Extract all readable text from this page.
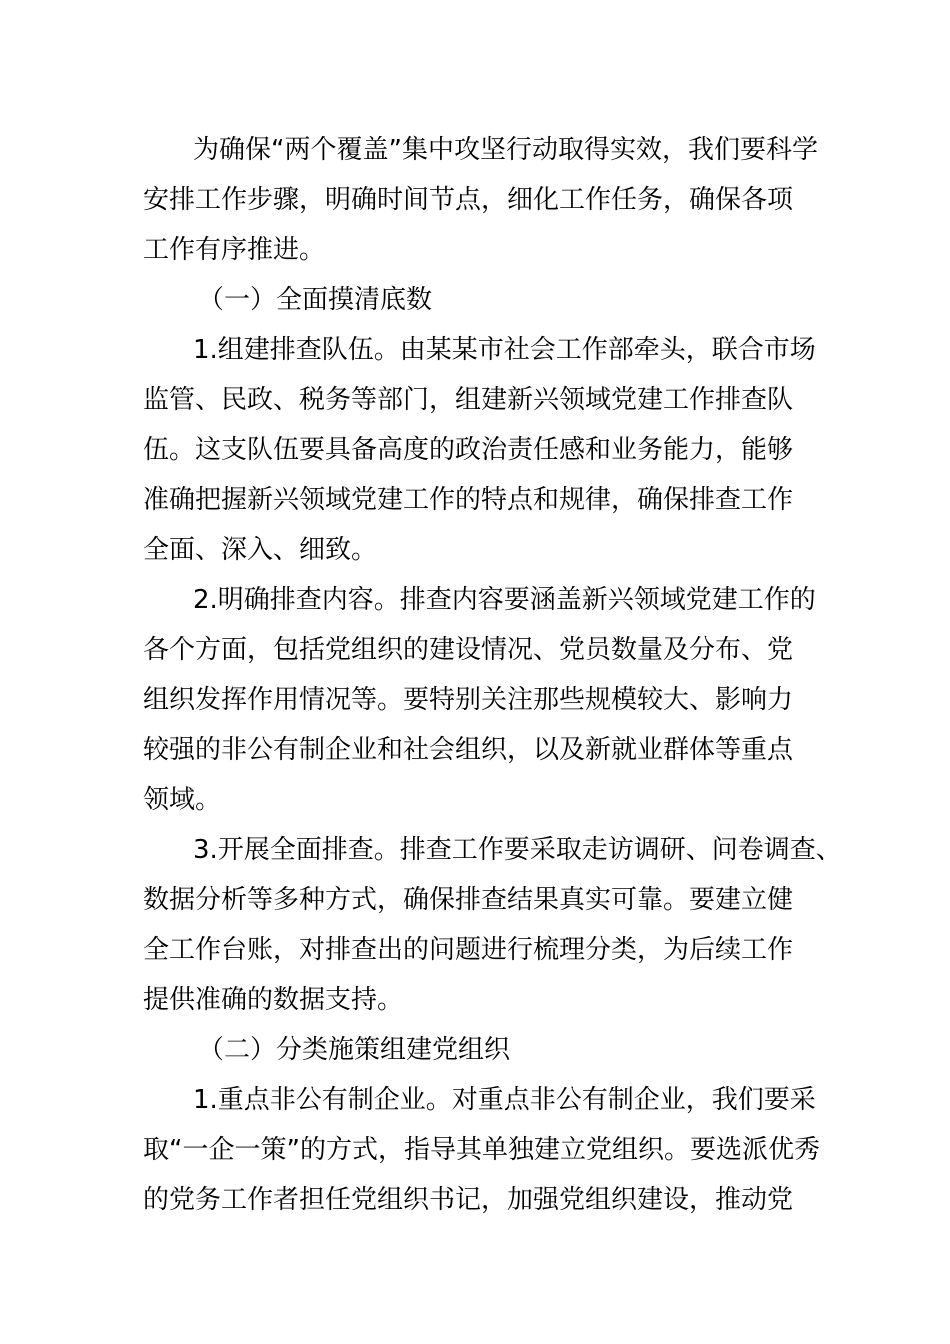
为确保“两个覆盖”集中攻坚行动取得实效，我们要科学
安排工作步骤，明确时间节点，细化工作任务，确保各项
工作有序推进。
（一）全面摸清底数
1.组建排查队伍。由某某市社会工作部牵头，联合市场
监管、民政、税务等部门，组建新兴领域党建工作排查队
伍。这支队伍要具备高度的政治责任感和业务能力，能够
准确把握新兴领域党建工作的特点和规律，确保排查工作
全面、深入、细致。
2.明确排查内容。排查内容要涵盖新兴领域党建工作的
各个方面，包括党组织的建设情况、党员数量及分布、党
组织发挥作用情况等。要特别关注那些规模较大、影响力
较强的非公有制企业和社会组织，以及新就业群体等重点
领域。
3.开展全面排查。排查工作要采取走访调研、问卷调查、
数据分析等多种方式，确保排查结果真实可靠。要建立健
全工作台账，对排查出的问题进行梳理分类，为后续工作
提供准确的数据支持。
（二）分类施策组建党组织
1.重点非公有制企业。对重点非公有制企业，我们要采
取“一企一策”的方式，指导其单独建立党组织。要选派优秀
的党务工作者担任党组织书记，加强党组织建设，推动党
